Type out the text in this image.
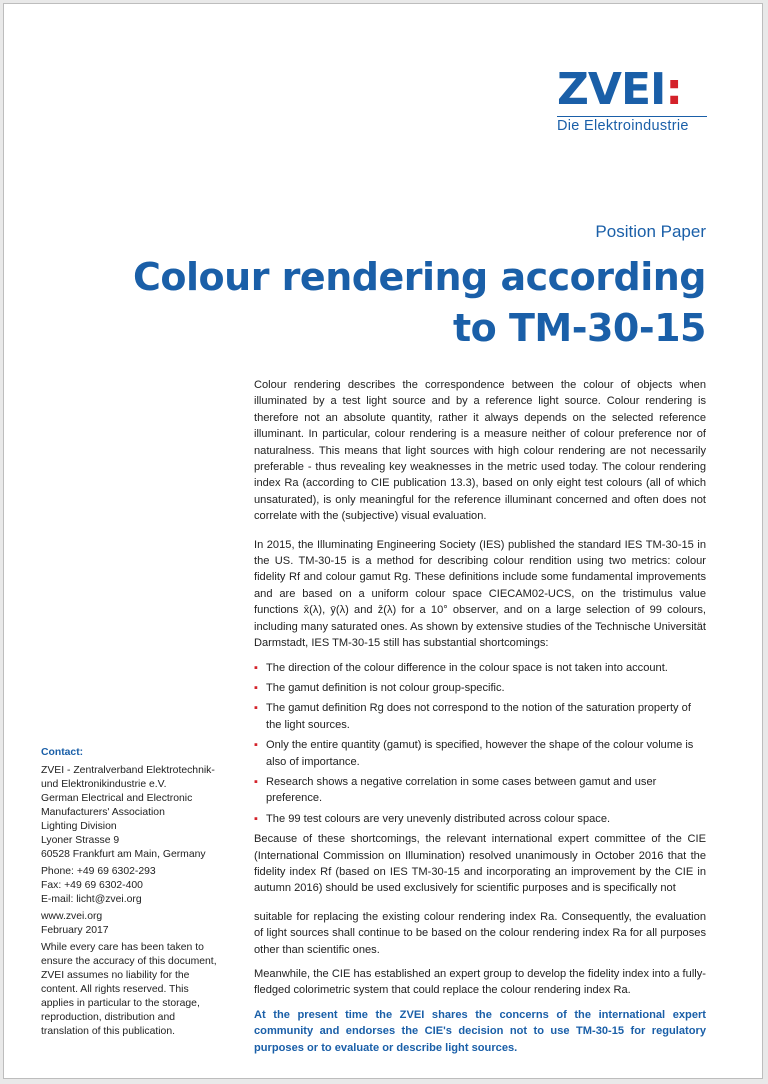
ZVEI:
Die Elektroindustrie
Position Paper
Colour rendering according
to TM-30-15

Colour rendering describes the correspondence between the colour of objects when illuminated by a test light source and by a reference light source. Colour rendering is therefore not an absolute quantity, rather it always depends on the selected reference illuminant. In particular, colour rendering is a measure neither of colour preference nor of naturalness. This means that light sources with high colour rendering are not necessarily preferable - thus revealing key weaknesses in the metric used today. The colour rendering index Ra (according to CIE publication 13.3), based on only eight test colours (all of which unsaturated), is only meaningful for the reference illuminant concerned and often does not correlate with the (subjective) visual evaluation.

In 2015, the Illuminating Engineering Society (IES) published the standard IES TM-30-15 in the US. TM-30-15 is a method for describing colour rendition using two metrics: colour fidelity Rf and colour gamut Rg. These definitions include some fundamental improvements and are based on a uniform colour space CIECAM02-UCS, on the tristimulus value functions x̄(λ), ȳ(λ) and z̄(λ) for a 10° observer, and on a large selection of 99 colours, including many saturated ones. As shown by extensive studies of the Technische Universität Darmstadt, IES TM-30-15 still has substantial shortcomings:

▪ The direction of the colour difference in the colour space is not taken into account.
▪ The gamut definition is not colour group-specific.
▪ The gamut definition Rg does not correspond to the notion of the saturation property of the light sources.
▪ Only the entire quantity (gamut) is specified, however the shape of the colour volume is also of importance.
▪ Research shows a negative correlation in some cases between gamut and user preference.
▪ The 99 test colours are very unevenly distributed across colour space.

Because of these shortcomings, the relevant international expert committee of the CIE (International Commission on Illumination) resolved unanimously in October 2016 that the fidelity index Rf (based on IES TM-30-15 and incorporating an improvement by the CIE in autumn 2016) should be used exclusively for scientific purposes and is specifically not

suitable for replacing the existing colour rendering index Ra. Consequently, the evaluation of light sources shall continue to be based on the colour rendering index Ra for all purposes other than scientific ones.

Meanwhile, the CIE has established an expert group to develop the fidelity index into a fully-fledged colorimetric system that could replace the colour rendering index Ra.

At the present time the ZVEI shares the concerns of the international expert community and endorses the CIE's decision not to use TM-30-15 for regulatory purposes or to evaluate or describe light sources.

Contact:
ZVEI - Zentralverband Elektrotechnik-
und Elektronikindustrie e.V.
German Electrical and Electronic
Manufacturers' Association
Lighting Division
Lyoner Strasse 9
60528 Frankfurt am Main, Germany
Phone: +49 69 6302-293
Fax: +49 69 6302-400
E-mail: licht@zvei.org
www.zvei.org
February 2017
While every care has been taken to ensure the accuracy of this document, ZVEI assumes no liability for the content. All rights reserved. This applies in particular to the storage, reproduction, distribution and translation of this publication.
